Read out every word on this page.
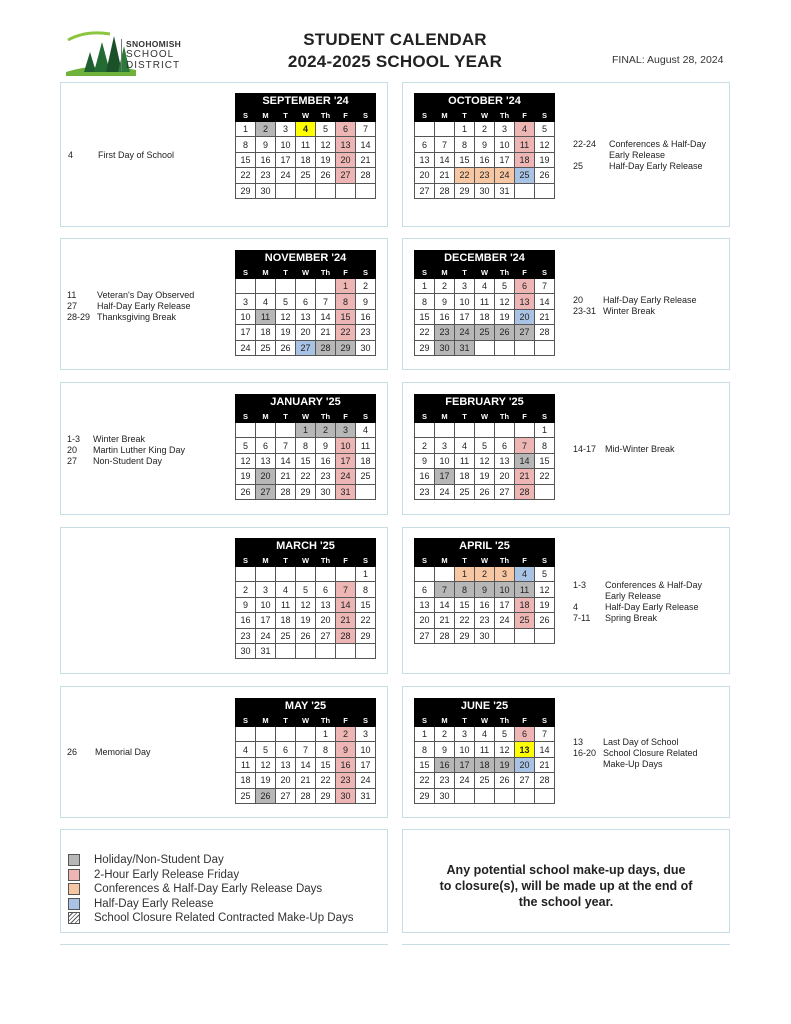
SNOHOMISH
SCHOOL
DISTRICT
STUDENT CALENDAR
2024-2025 SCHOOL YEAR	FINAL: August 28, 2024
SEPTEMBER '24						
S	M	T	W	Th	F	S
1	2	3	4	5	6	7
8	9	10	11	12	13	14
15	16	17	18	19	20	21
22	23	24	25	26	27	28
29	30					
OCTOBER '24						
S	M	T	W	Th	F	S
		1	2	3	4	5
6	7	8	9	10	11	12
13	14	15	16	17	18	19
20	21	22	23	24	25	26
27	28	29	30	31		
NOVEMBER '24						
S	M	T	W	Th	F	S
					1	2
3	4	5	6	7	8	9
10	11	12	13	14	15	16
17	18	19	20	21	22	23
24	25	26	27	28	29	30
DECEMBER '24						
S	M	T	W	Th	F	S
1	2	3	4	5	6	7
8	9	10	11	12	13	14
15	16	17	18	19	20	21
22	23	24	25	26	27	28
29	30	31				
JANUARY '25						
S	M	T	W	Th	F	S
			1	2	3	4
5	6	7	8	9	10	11
12	13	14	15	16	17	18
19	20	21	22	23	24	25
26	27	28	29	30	31	
FEBRUARY '25						
S	M	T	W	Th	F	S
						1
2	3	4	5	6	7	8
9	10	11	12	13	14	15
16	17	18	19	20	21	22
23	24	25	26	27	28	
MARCH '25						
S	M	T	W	Th	F	S
						1
2	3	4	5	6	7	8
9	10	11	12	13	14	15
16	17	18	19	20	21	22
23	24	25	26	27	28	29
30	31					
APRIL '25						
S	M	T	W	Th	F	S
		1	2	3	4	5
6	7	8	9	10	11	12
13	14	15	16	17	18	19
20	21	22	23	24	25	26
27	28	29	30			
MAY '25						
S	M	T	W	Th	F	S
				1	2	3
4	5	6	7	8	9	10
11	12	13	14	15	16	17
18	19	20	21	22	23	24
25	26	27	28	29	30	31
JUNE '25						
S	M	T	W	Th	F	S
1	2	3	4	5	6	7
8	9	10	11	12	13	14
15	16	17	18	19	20	21
22	23	24	25	26	27	28
29	30					
4	First Day of School
22-24 Conferences & Half-Day
Early Release
25	Half-Day Early Release
11 Veteran's Day Observed
27 Half-Day Early Release
28-29 Thanksgiving Break
20 Half-Day Early Release
23-31 Winter Break
1-3 Winter Break
20 Martin Luther King Day
27 Non-Student Day
14-17 Mid-Winter Break
1-3 Conferences & Half-Day
Early Release
4	Half-Day Early Release
7-11 Spring Break
26 Memorial Day
13 Last Day of School
16-20 School Closure Related
Make-Up Days
Holiday/Non-Student Day
2-Hour Early Release Friday
Conferences & Half-Day Early Release Days
Half-Day Early Release
School Closure Related Contracted Make-Up Days
Any potential school make-up days, due
to closure(s), will be made up at the end of
the school year.
